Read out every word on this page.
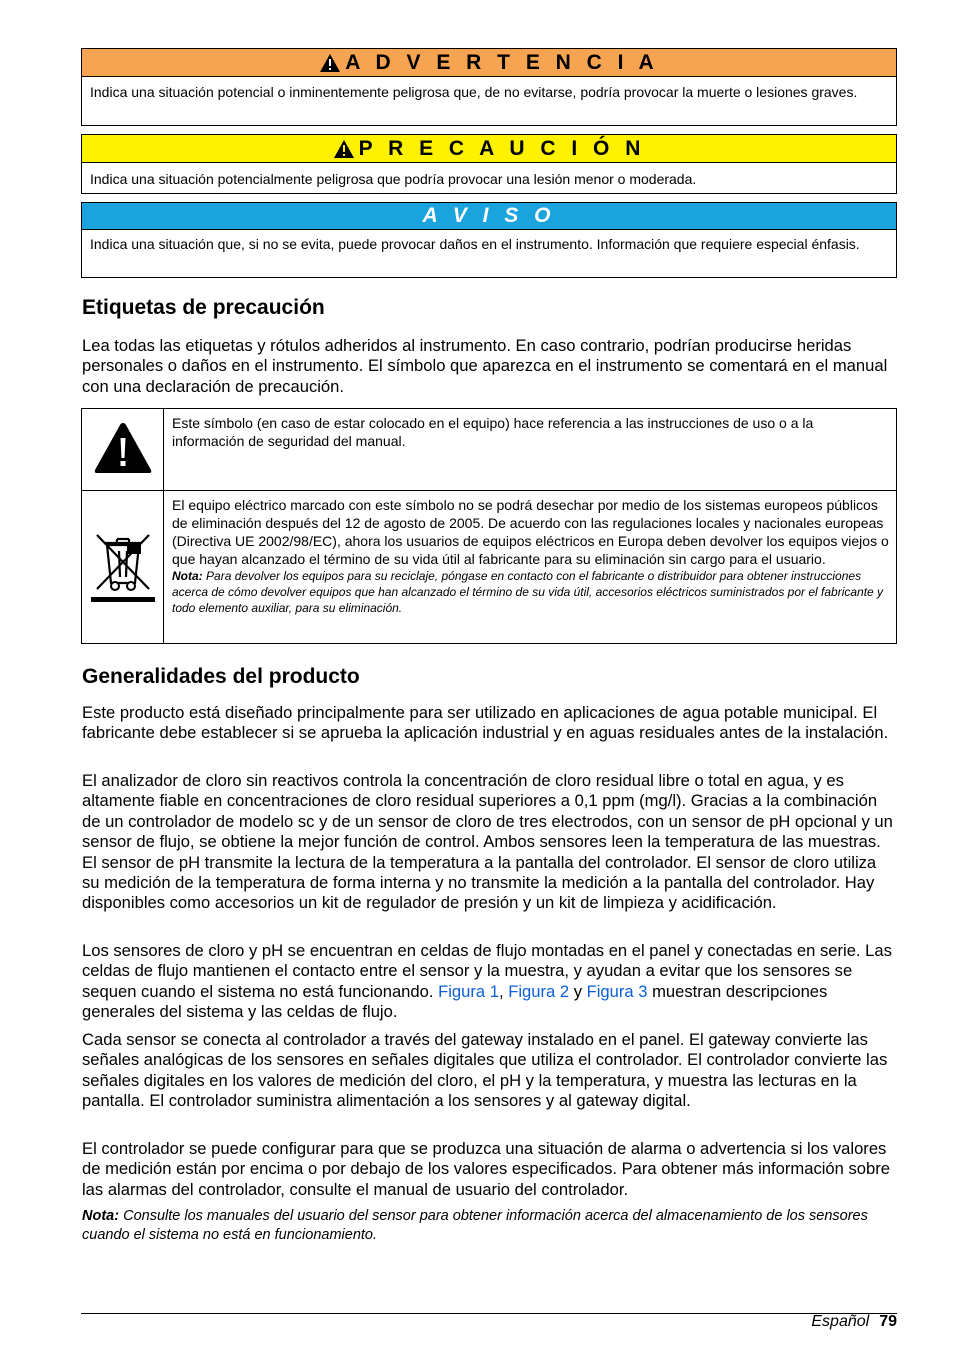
A D V E R T E N C I A
Indica una situación potencial o inminentemente peligrosa que, de no evitarse, podría provocar la muerte o lesiones graves.
P R E C A U C I Ó N
Indica una situación potencialmente peligrosa que podría provocar una lesión menor o moderada.
A V I S O
Indica una situación que, si no se evita, puede provocar daños en el instrumento. Información que requiere especial énfasis.
Etiquetas de precaución

Lea todas las etiquetas y rótulos adheridos al instrumento. En caso contrario, podrían producirse heridas personales o daños en el instrumento. El símbolo que aparezca en el instrumento se comentará en el manual con una declaración de precaución.

	Este símbolo (en caso de estar colocado en el equipo) hace referencia a las instrucciones de uso o a la información de seguridad del manual.

El equipo eléctrico marcado con este símbolo no se podrá desechar por medio de los sistemas europeos públicos de eliminación después del 12 de agosto de 2005. De acuerdo con las regulaciones locales y nacionales europeas (Directiva UE 2002/98/EC), ahora los usuarios de equipos eléctricos en Europa deben devolver los equipos viejos o que hayan alcanzado el término de su vida útil al fabricante para su eliminación sin cargo para el usuario.
Nota: Para devolver los equipos para su reciclaje, póngase en contacto con el fabricante o distribuidor para obtener instrucciones acerca de cómo devolver equipos que han alcanzado el término de su vida útil, accesorios eléctricos suministrados por el fabricante y todo elemento auxiliar, para su eliminación.
Generalidades del producto

Este producto está diseñado principalmente para ser utilizado en aplicaciones de agua potable municipal. El fabricante debe establecer si se aprueba la aplicación industrial y en aguas residuales antes de la instalación.

El analizador de cloro sin reactivos controla la concentración de cloro residual libre o total en agua, y es altamente fiable en concentraciones de cloro residual superiores a 0,1 ppm (mg/l). Gracias a la combinación de un controlador de modelo sc y de un sensor de cloro de tres electrodos, con un sensor de pH opcional y un sensor de flujo, se obtiene la mejor función de control. Ambos sensores leen la temperatura de las muestras. El sensor de pH transmite la lectura de la temperatura a la pantalla del controlador. El sensor de cloro utiliza su medición de la temperatura de forma interna y no transmite la medición a la pantalla del controlador. Hay disponibles como accesorios un kit de regulador de presión y un kit de limpieza y acidificación.

Los sensores de cloro y pH se encuentran en celdas de flujo montadas en el panel y conectadas en serie. Las celdas de flujo mantienen el contacto entre el sensor y la muestra, y ayudan a evitar que los sensores se sequen cuando el sistema no está funcionando. Figura 1, Figura 2 y Figura 3 muestran descripciones generales del sistema y las celdas de flujo.

Cada sensor se conecta al controlador a través del gateway instalado en el panel. El gateway convierte las señales analógicas de los sensores en señales digitales que utiliza el controlador. El controlador convierte las señales digitales en los valores de medición del cloro, el pH y la temperatura, y muestra las lecturas en la pantalla. El controlador suministra alimentación a los sensores y al gateway digital.

El controlador se puede configurar para que se produzca una situación de alarma o advertencia si los valores de medición están por encima o por debajo de los valores especificados. Para obtener más información sobre las alarmas del controlador, consulte el manual de usuario del controlador.

Nota: Consulte los manuales del usuario del sensor para obtener información acerca del almacenamiento de los sensores cuando el sistema no está en funcionamiento.
Español 79
